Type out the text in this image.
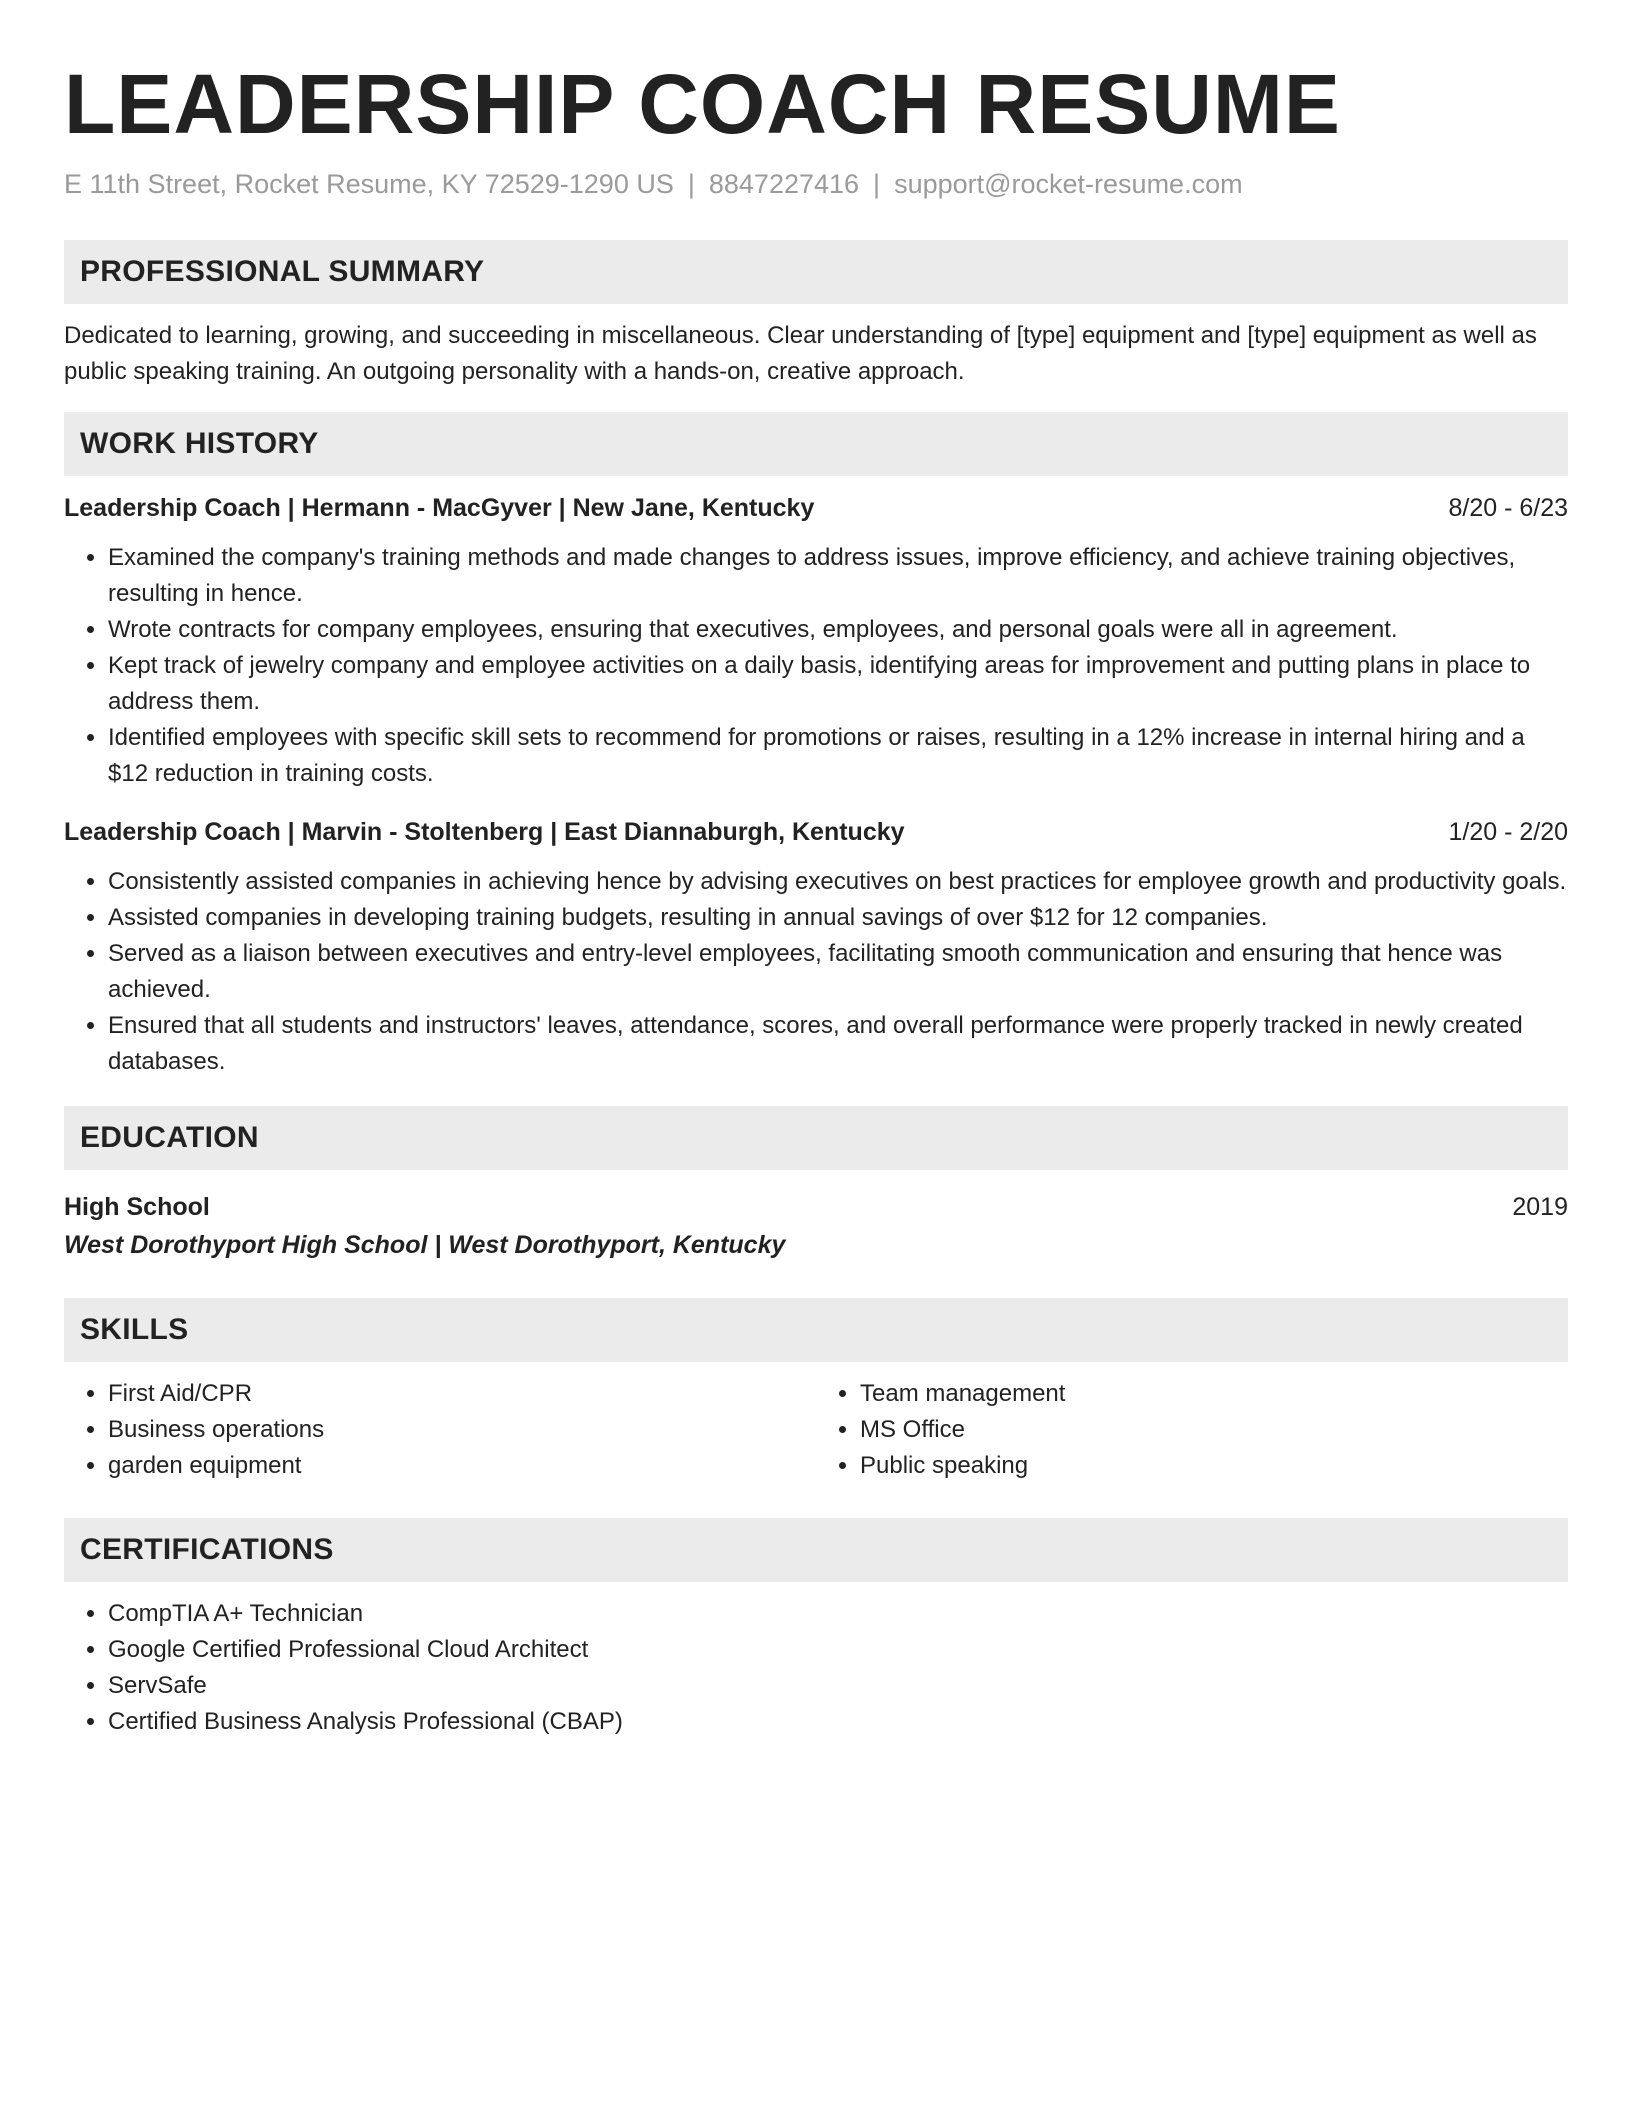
LEADERSHIP COACH RESUME
E 11th Street, Rocket Resume, KY 72529-1290 US | 8847227416 | support@rocket-resume.com
PROFESSIONAL SUMMARY

Dedicated to learning, growing, and succeeding in miscellaneous. Clear understanding of [type] equipment and [type] equipment as well as public speaking training. An outgoing personality with a hands-on, creative approach.

WORK HISTORY
Leadership Coach | Hermann - MacGyver | New Jane, Kentucky	8/20 - 6/23
• Examined the company's training methods and made changes to address issues, improve efficiency, and achieve training objectives, resulting in hence.
• Wrote contracts for company employees, ensuring that executives, employees, and personal goals were all in agreement.
• Kept track of jewelry company and employee activities on a daily basis, identifying areas for improvement and putting plans in place to address them.
• Identified employees with specific skill sets to recommend for promotions or raises, resulting in a 12% increase in internal hiring and a $12 reduction in training costs.
Leadership Coach | Marvin - Stoltenberg | East Diannaburgh, Kentucky	1/20 - 2/20
• Consistently assisted companies in achieving hence by advising executives on best practices for employee growth and productivity goals.
• Assisted companies in developing training budgets, resulting in annual savings of over $12 for 12 companies.
• Served as a liaison between executives and entry-level employees, facilitating smooth communication and ensuring that hence was achieved.
• Ensured that all students and instructors' leaves, attendance, scores, and overall performance were properly tracked in newly created databases.
EDUCATION
High School	2019
West Dorothyport High School | West Dorothyport, Kentucky
SKILLS
• First Aid/CPR
• Business operations
• garden equipment
• Team management
• MS Office
• Public speaking
CERTIFICATIONS
• CompTIA A+ Technician
• Google Certified Professional Cloud Architect
• ServSafe
• Certified Business Analysis Professional (CBAP)
